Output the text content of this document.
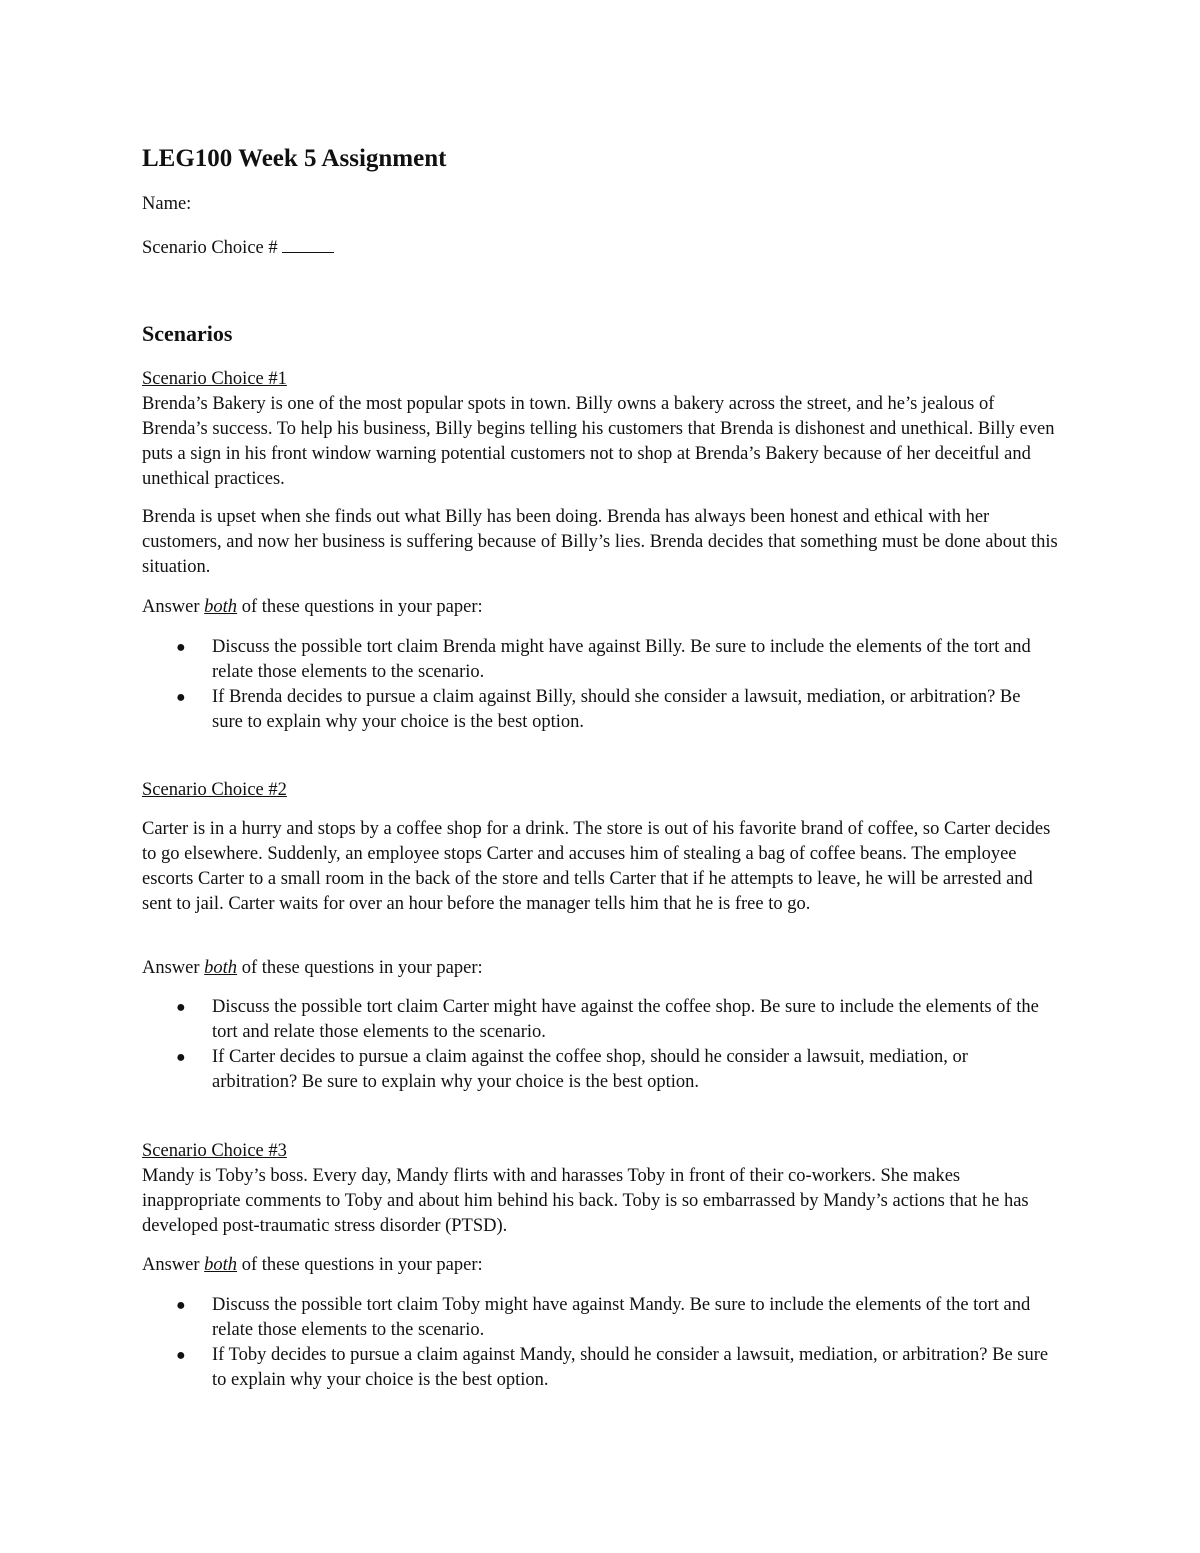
LEG100 Week 5 Assignment
Name:
Scenario Choice #
Scenarios
Scenario Choice #1

Brenda’s Bakery is one of the most popular spots in town. Billy owns a bakery across the street, and he’s jealous of Brenda’s success. To help his business, Billy begins telling his customers that Brenda is dishonest and unethical. Billy even puts a sign in his front window warning potential customers not to shop at Brenda’s Bakery because of her deceitful and unethical practices.

Brenda is upset when she finds out what Billy has been doing. Brenda has always been honest and ethical with her customers, and now her business is suffering because of Billy’s lies. Brenda decides that something must be done about this situation.

Answer both of these questions in your paper:
● Discuss the possible tort claim Brenda might have against Billy. Be sure to include the elements of the tort and relate those elements to the scenario.
● If Brenda decides to pursue a claim against Billy, should she consider a lawsuit, mediation, or arbitration? Be sure to explain why your choice is the best option.
Scenario Choice #2

Carter is in a hurry and stops by a coffee shop for a drink. The store is out of his favorite brand of coffee, so Carter decides to go elsewhere. Suddenly, an employee stops Carter and accuses him of stealing a bag of coffee beans. The employee escorts Carter to a small room in the back of the store and tells Carter that if he attempts to leave, he will be arrested and sent to jail. Carter waits for over an hour before the manager tells him that he is free to go.

Answer both of these questions in your paper:
● Discuss the possible tort claim Carter might have against the coffee shop. Be sure to include the elements of the tort and relate those elements to the scenario.
● If Carter decides to pursue a claim against the coffee shop, should he consider a lawsuit, mediation, or arbitration? Be sure to explain why your choice is the best option.
Scenario Choice #3

Mandy is Toby’s boss. Every day, Mandy flirts with and harasses Toby in front of their co-workers. She makes inappropriate comments to Toby and about him behind his back. Toby is so embarrassed by Mandy’s actions that he has developed post-traumatic stress disorder (PTSD).

Answer both of these questions in your paper:
● Discuss the possible tort claim Toby might have against Mandy. Be sure to include the elements of the tort and relate those elements to the scenario.
● If Toby decides to pursue a claim against Mandy, should he consider a lawsuit, mediation, or arbitration? Be sure to explain why your choice is the best option.
